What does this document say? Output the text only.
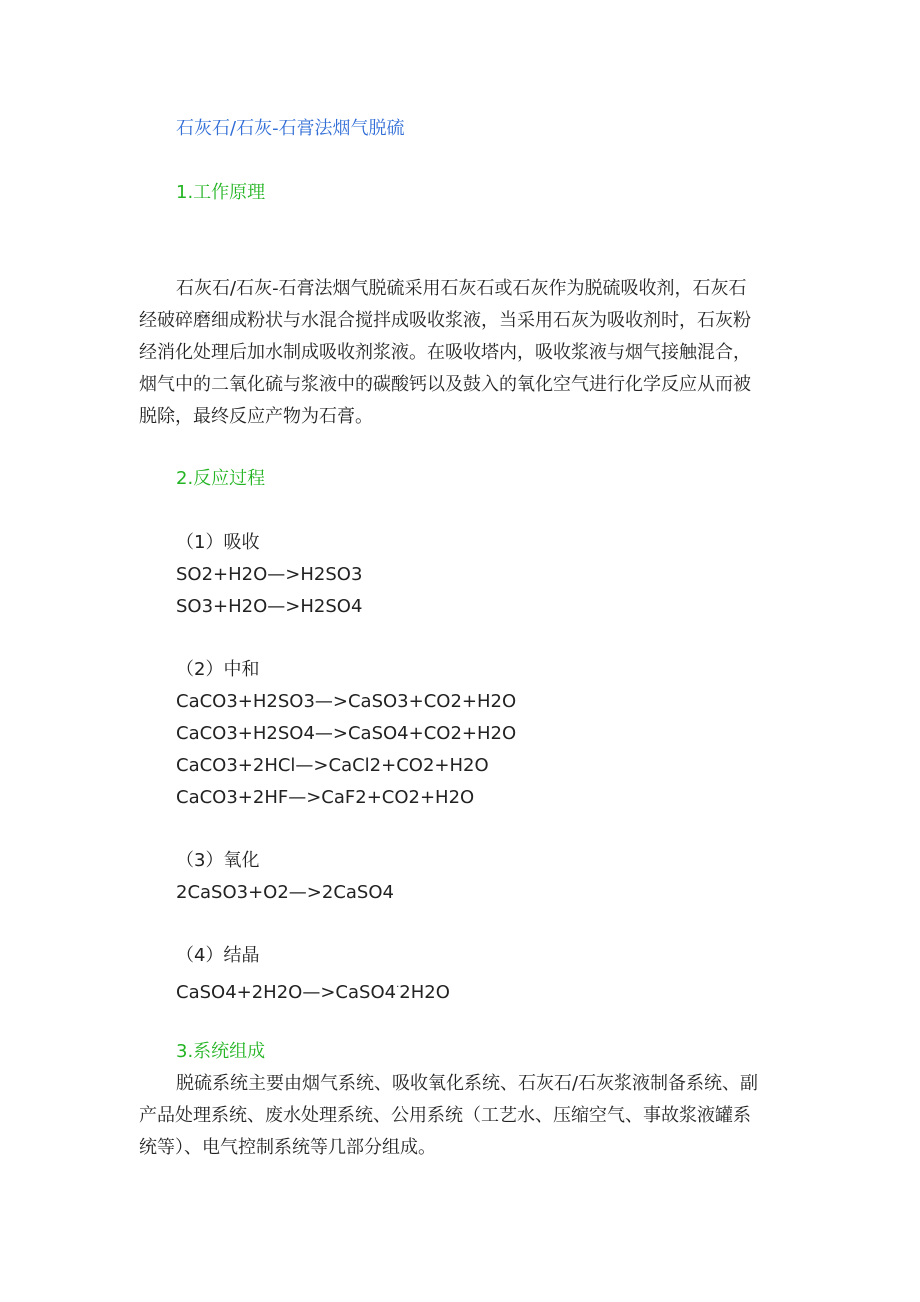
石灰石/石灰-石膏法烟气脱硫
1.工作原理
石灰石/石灰-石膏法烟气脱硫采用石灰石或石灰作为脱硫吸收剂，石灰石
经破碎磨细成粉状与水混合搅拌成吸收浆液，当采用石灰为吸收剂时，石灰粉
经消化处理后加水制成吸收剂浆液。在吸收塔内，吸收浆液与烟气接触混合，
烟气中的二氧化硫与浆液中的碳酸钙以及鼓入的氧化空气进行化学反应从而被
脱除，最终反应产物为石膏。
2.反应过程
（1）吸收
SO2+H2O—>H2SO3
SO3+H2O—>H2SO4
（2）中和
CaCO3+H2SO3—>CaSO3+CO2+H2O
CaCO3+H2SO4—>CaSO4+CO2+H2O
CaCO3+2HCl—>CaCl2+CO2+H2O
CaCO3+2HF—>CaF2+CO2+H2O
（3）氧化
2CaSO3+O2—>2CaSO4
（4）结晶
CaSO4+2H2O—>CaSO4·2H2O
3.系统组成
脱硫系统主要由烟气系统、吸收氧化系统、石灰石/石灰浆液制备系统、副
产品处理系统、废水处理系统、公用系统（工艺水、压缩空气、事故浆液罐系
统等）、电气控制系统等几部分组成。
